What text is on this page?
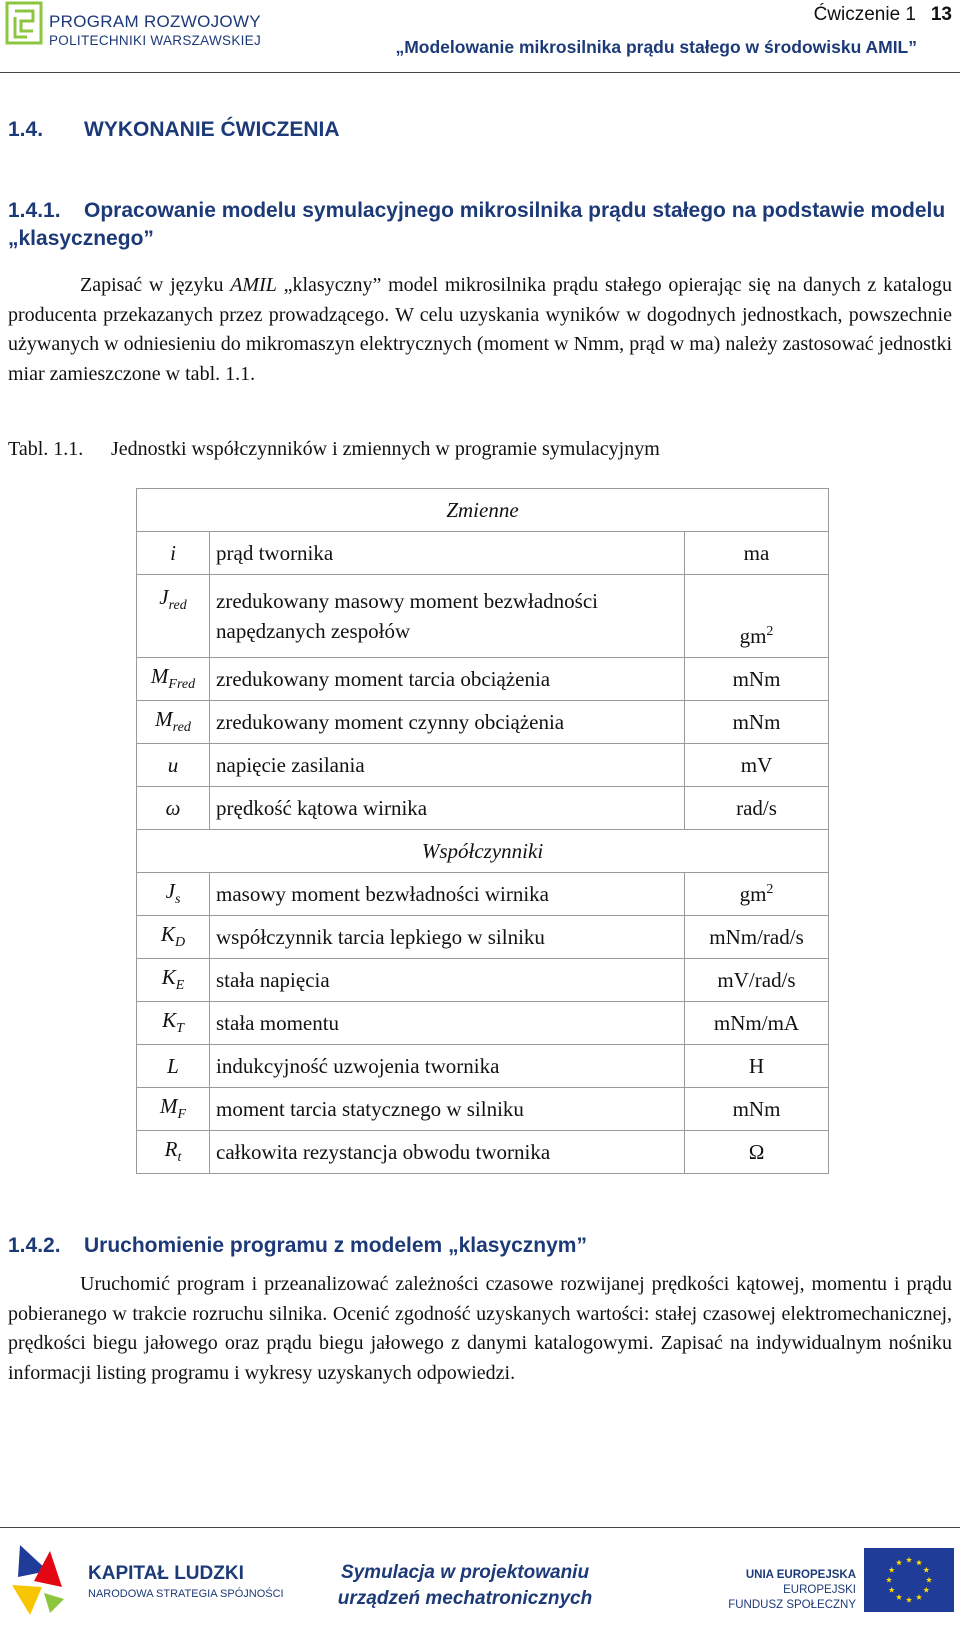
PROGRAM ROZWOJOWY
POLITECHNIKI WARSZAWSKIEJ
Ćwiczenie 1 13
„Modelowanie mikrosilnika prądu stałego w środowisku AMIL”
1.4. WYKONANIE ĆWICZENIA
1.4.1. Opracowanie modelu symulacyjnego mikrosilnika prądu stałego na podstawie modelu „klasycznego”
Zapisać w języku AMIL „klasyczny” model mikrosilnika prądu stałego opierając się na danych z katalogu producenta przekazanych przez prowadzącego. W celu uzyskania wyników w dogodnych jednostkach, powszechnie używanych w odniesieniu do mikromaszyn elektrycznych (moment w Nmm, prąd w ma) należy zastosować jednostki miar zamieszczone w tabl. 1.1.
Tabl. 1.1. Jednostki współczynników i zmiennych w programie symulacyjnym
Zmienne		
i	prąd twornika	ma
$J_{red}$	zredukowany masowy moment bezwładności napędzanych zespołów	$gm^2$
$M_{Fred}$	zredukowany moment tarcia obciążenia	mNm
$M_{red}$	zredukowany moment czynny obciążenia	mNm
u	napięcie zasilania	mV
ω	prędkość kątowa wirnika	rad/s
Współczynniki		
$J_s$	masowy moment bezwładności wirnika	$gm^2$
$K_D$	współczynnik tarcia lepkiego w silniku	mNm/rad/s
$K_E$	stała napięcia	mV/rad/s
$K_T$	stała momentu	mNm/mA
L	indukcyjność uzwojenia twornika	H
$M_F$	moment tarcia statycznego w silniku	mNm
$R_t$	całkowita rezystancja obwodu twornika	Ω
1.4.2. Uruchomienie programu z modelem „klasycznym”
Uruchomić program i przeanalizować zależności czasowe rozwijanej prędkości kątowej, momentu i prądu pobieranego w trakcie rozruchu silnika. Ocenić zgodność uzyskanych wartości: stałej czasowej elektromechanicznej, prędkości biegu jałowego oraz prądu biegu jałowego z danymi katalogowymi. Zapisać na indywidualnym nośniku informacji listing programu i wykresy uzyskanych odpowiedzi.
KAPITAŁ LUDZKI
NARODOWA STRATEGIA SPÓJNOŚCI
Symulacja w projektowaniu
urządzeń mechatronicznych
UNIA EUROPEJSKA
EUROPEJSKI
FUNDUSZ SPOŁECZNY
